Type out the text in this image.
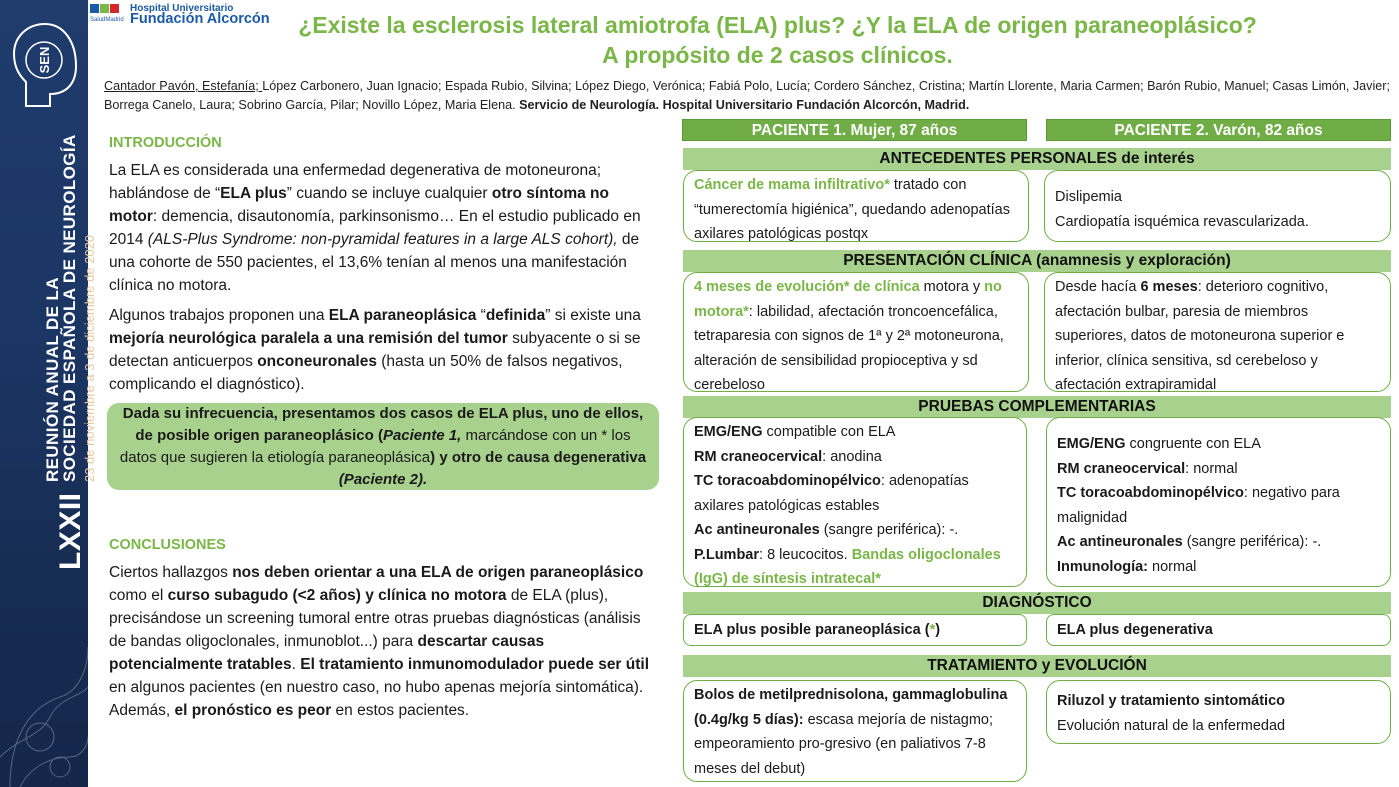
SEN
LXXII
REUNIÓN ANUAL DE LA
SOCIEDAD ESPAÑOLA DE NEUROLOGÍA 23 de noviembre a 3 de diciembre de 2020
SaludMadrid
Hospital Universitario
Fundación Alcorcón ¿Existe la esclerosis lateral amiotrofa (ELA) plus? ¿Y la ELA de origen paraneoplásico?
A propósito de 2 casos clínicos.
Cantador Pavón, Estefanía; López Carbonero, Juan Ignacio; Espada Rubio, Silvina; López Diego, Verónica; Fabiá Polo, Lucía; Cordero Sánchez, Cristina; Martín Llorente, Maria Carmen; Barón Rubio, Manuel; Casas Limón, Javier; Borrega Canelo, Laura; Sobrino García, Pilar; Novillo López, Maria Elena. Servicio de Neurología. Hospital Universitario Fundación Alcorcón, Madrid.
INTRODUCCIÓN
La ELA es considerada una enfermedad degenerativa de motoneurona; hablándose de “ELA plus” cuando se incluye cualquier otro síntoma no motor: demencia, disautonomía, parkinsonismo… En el estudio publicado en 2014 (ALS-Plus Syndrome: non-pyramidal features in a large ALS cohort), de una cohorte de 550 pacientes, el 13,6% tenían al menos una manifestación clínica no motora.
Algunos trabajos proponen una ELA paraneoplásica “definida” si existe una mejoría neurológica paralela a una remisión del tumor subyacente o si se detectan anticuerpos onconeuronales (hasta un 50% de falsos negativos, complicando el diagnóstico).
Dada su infrecuencia, presentamos dos casos de ELA plus, uno de ellos, de posible origen paraneoplásico (Paciente 1, marcándose con un * los datos que sugieren la etiología paraneoplásica) y otro de causa degenerativa (Paciente 2).
CONCLUSIONES
Ciertos hallazgos nos deben orientar a una ELA de origen paraneoplásico como el curso subagudo (<2 años) y clínica no motora de ELA (plus), precisándose un screening tumoral entre otras pruebas diagnósticas (análisis de bandas oligoclonales, inmunoblot...) para descartar causas potencialmente tratables. El tratamiento inmunomodulador puede ser útil en algunos pacientes (en nuestro caso, no hubo apenas mejoría sintomática). Además, el pronóstico es peor en estos pacientes.
PACIENTE 1. Mujer, 87 años	PACIENTE 2. Varón, 82 años
ANTECEDENTES PERSONALES de interés
Cáncer de mama infiltrativo* tratado con “tumerectomía higiénica”, quedando adenopatías axilares patológicas postqx
Dislipemia
Cardiopatía isquémica revascularizada.
PRESENTACIÓN CLÍNICA (anamnesis y exploración)
4 meses de evolución* de clínica motora y no motora*: labilidad, afectación troncoencefálica, tetraparesia con signos de 1ª y 2ª motoneurona, alteración de sensibilidad propioceptiva y sd cerebeloso
Desde hacía 6 meses: deterioro cognitivo, afectación bulbar, paresia de miembros superiores, datos de motoneurona superior e inferior, clínica sensitiva, sd cerebeloso y afectación extrapiramidal
PRUEBAS COMPLEMENTARIAS
EMG/ENG compatible con ELA
RM craneocervical: anodina
TC toracoabdominopélvico: adenopatías axilares patológicas estables
Ac antineuronales (sangre periférica): -.
P.Lumbar: 8 leucocitos. Bandas oligoclonales (IgG) de síntesis intratecal*
EMG/ENG congruente con ELA
RM craneocervical: normal
TC toracoabdominopélvico: negativo para malignidad
Ac antineuronales (sangre periférica): -.
Inmunología: normal
DIAGNÓSTICO
ELA plus posible paraneoplásica (*)	ELA plus degenerativa
TRATAMIENTO y EVOLUCIÓN
Bolos de metilprednisolona, gammaglobulina (0.4g/kg 5 días): escasa mejoría de nistagmo; empeoramiento pro-gresivo (en paliativos 7-8 meses del debut)
Riluzol y tratamiento sintomático
Evolución natural de la enfermedad
